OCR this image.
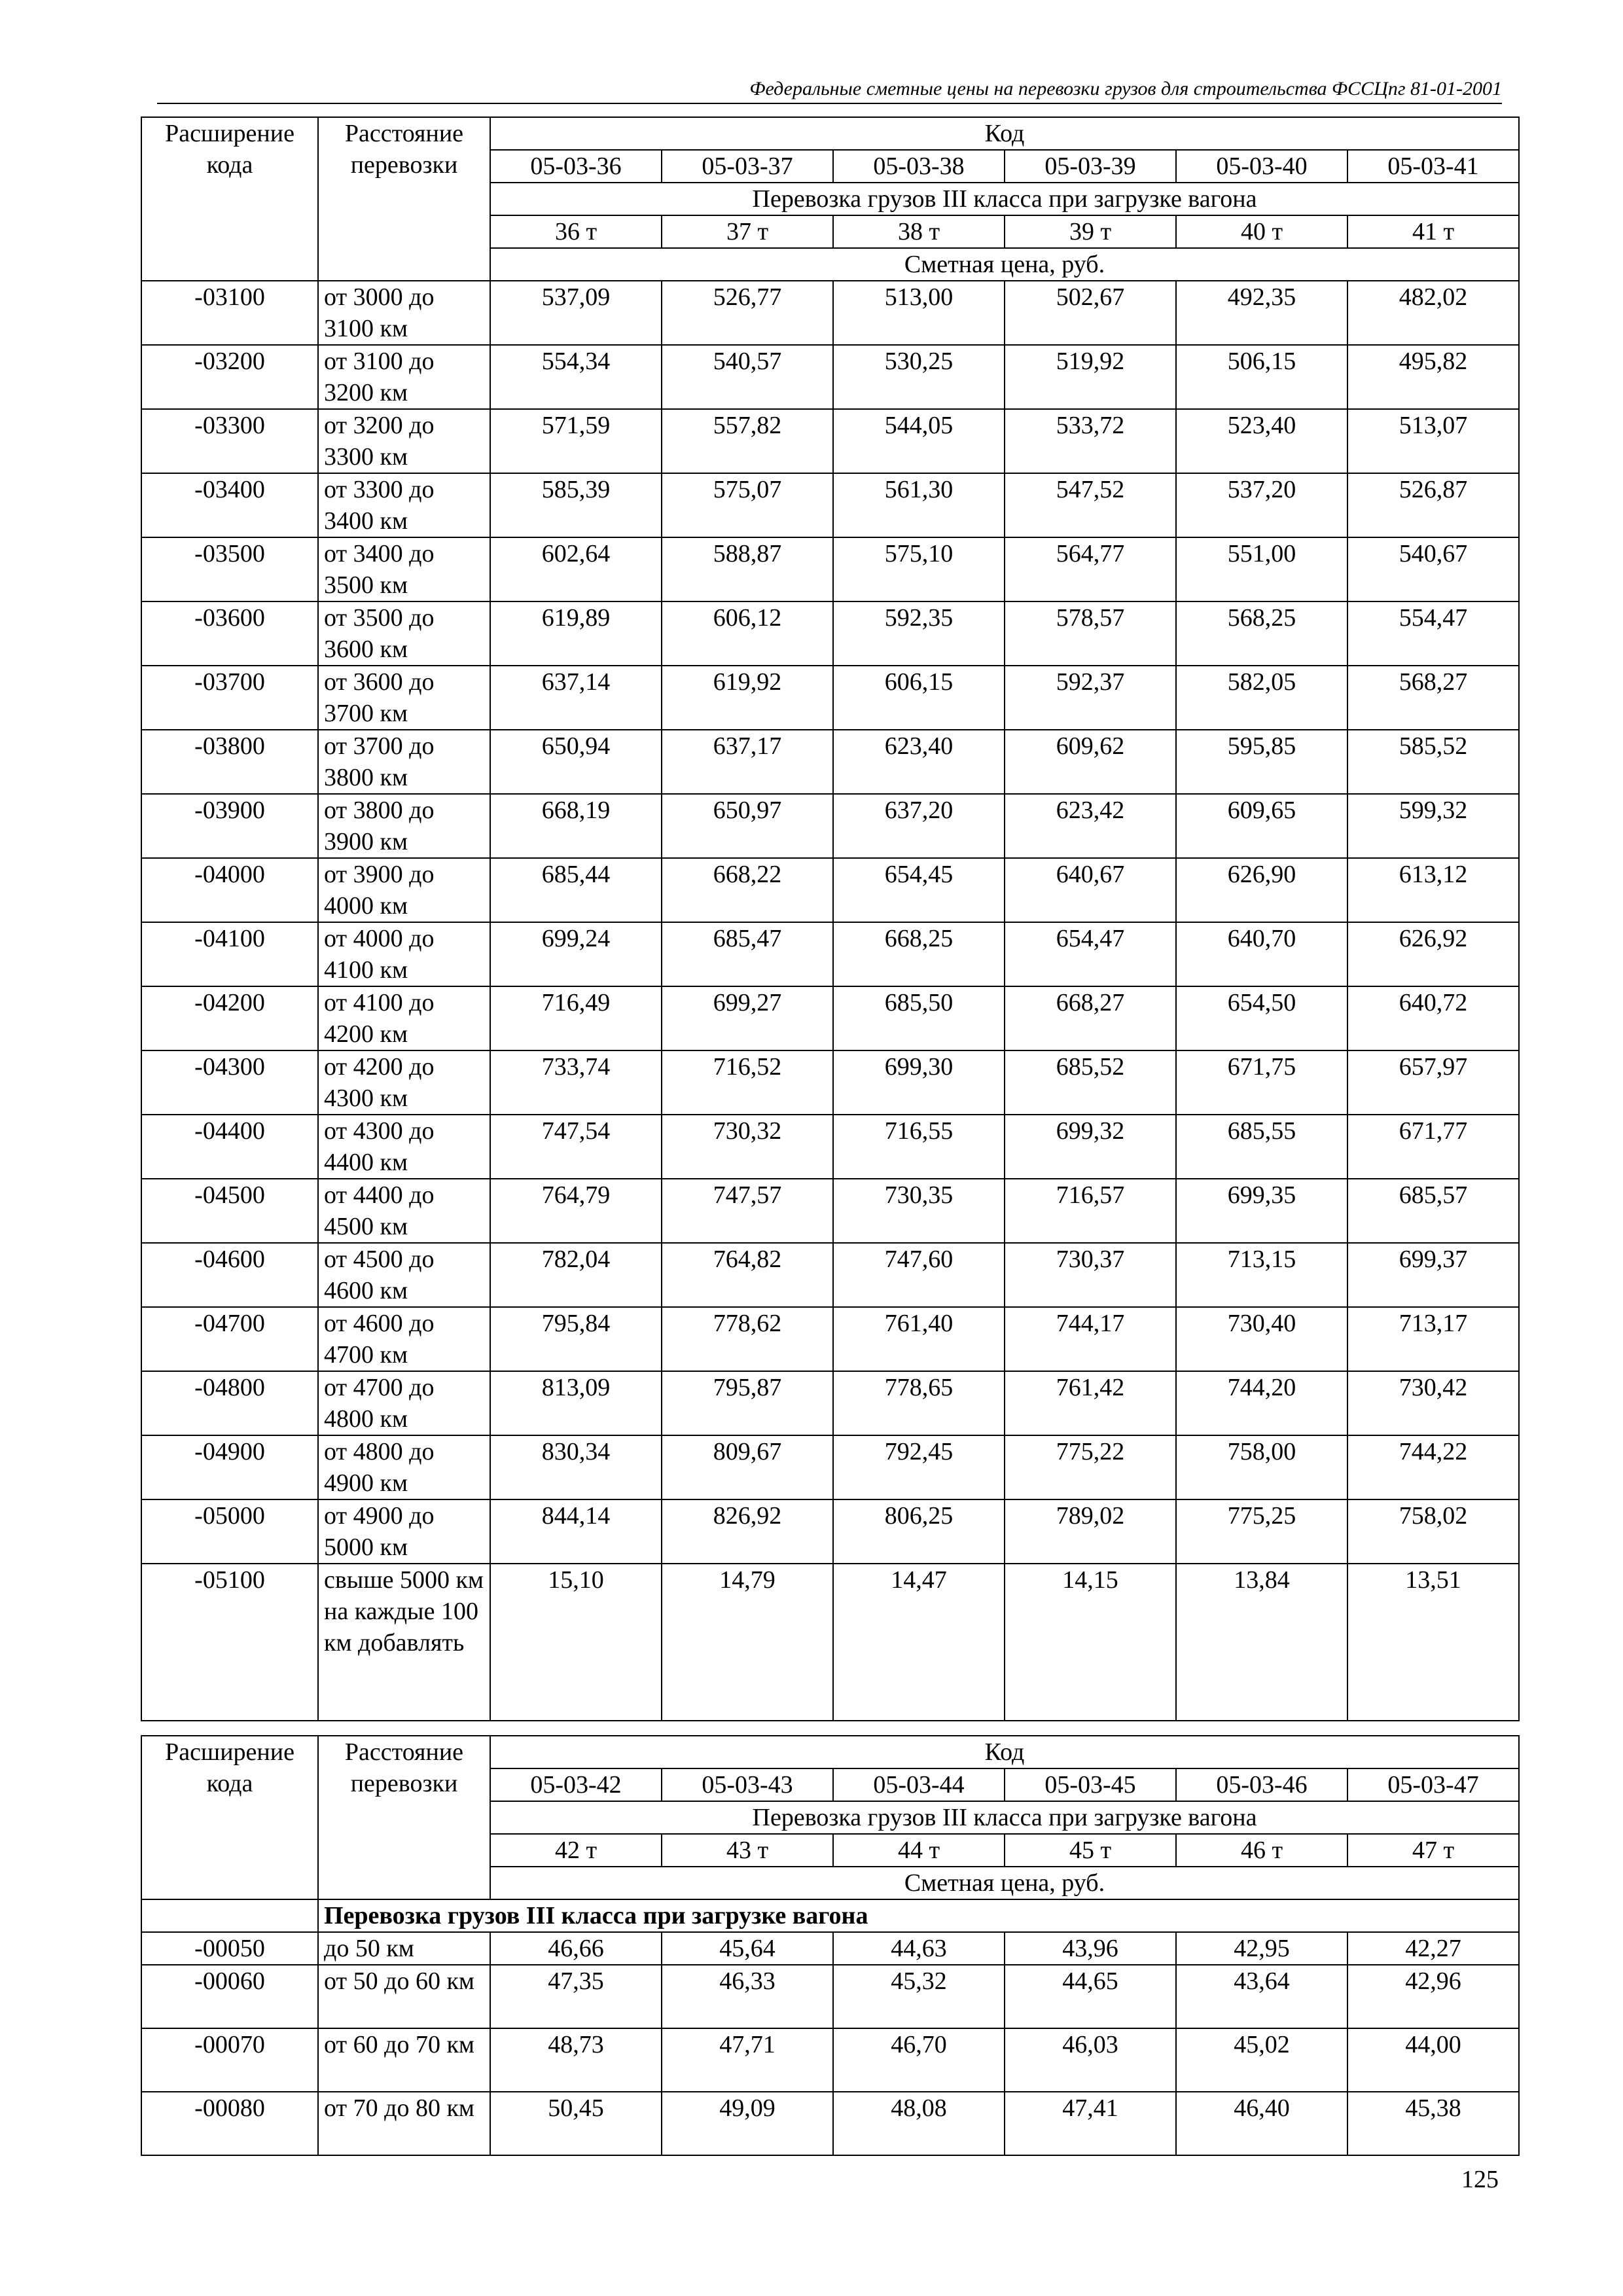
Федеральные сметные цены на перевозки грузов для строительства ФССЦпг 81-01-2001
Расширение кода	Расстояние перевозки	Код					
		05-03-36	05-03-37	05-03-38	05-03-39	05-03-40	05-03-41
		Перевозка грузов III класса при загрузке вагона					
		36 т	37 т	38 т	39 т	40 т	41 т
		Сметная цена, руб.					
-03100	от 3000 до 3100 км	537,09	526,77	513,00	502,67	492,35	482,02
-03200	от 3100 до 3200 км	554,34	540,57	530,25	519,92	506,15	495,82
-03300	от 3200 до 3300 км	571,59	557,82	544,05	533,72	523,40	513,07
-03400	от 3300 до 3400 км	585,39	575,07	561,30	547,52	537,20	526,87
-03500	от 3400 до 3500 км	602,64	588,87	575,10	564,77	551,00	540,67
-03600	от 3500 до 3600 км	619,89	606,12	592,35	578,57	568,25	554,47
-03700	от 3600 до 3700 км	637,14	619,92	606,15	592,37	582,05	568,27
-03800	от 3700 до 3800 км	650,94	637,17	623,40	609,62	595,85	585,52
-03900	от 3800 до 3900 км	668,19	650,97	637,20	623,42	609,65	599,32
-04000	от 3900 до 4000 км	685,44	668,22	654,45	640,67	626,90	613,12
-04100	от 4000 до 4100 км	699,24	685,47	668,25	654,47	640,70	626,92
-04200	от 4100 до 4200 км	716,49	699,27	685,50	668,27	654,50	640,72
-04300	от 4200 до 4300 км	733,74	716,52	699,30	685,52	671,75	657,97
-04400	от 4300 до 4400 км	747,54	730,32	716,55	699,32	685,55	671,77
-04500	от 4400 до 4500 км	764,79	747,57	730,35	716,57	699,35	685,57
-04600	от 4500 до 4600 км	782,04	764,82	747,60	730,37	713,15	699,37
-04700	от 4600 до 4700 км	795,84	778,62	761,40	744,17	730,40	713,17
-04800	от 4700 до 4800 км	813,09	795,87	778,65	761,42	744,20	730,42
-04900	от 4800 до 4900 км	830,34	809,67	792,45	775,22	758,00	744,22
-05000	от 4900 до 5000 км	844,14	826,92	806,25	789,02	775,25	758,02
-05100	свыше 5000 км на каждые 100 км добавлять	15,10	14,79	14,47	14,15	13,84	13,51
Расширение кода	Расстояние перевозки	Код					
		05-03-42	05-03-43	05-03-44	05-03-45	05-03-46	05-03-47
		Перевозка грузов III класса при загрузке вагона					
		42 т	43 т	44 т	45 т	46 т	47 т
		Сметная цена, руб.					
	Перевозка грузов III класса при загрузке вагона						
-00050	до 50 км	46,66	45,64	44,63	43,96	42,95	42,27
-00060	от 50 до 60 км	47,35	46,33	45,32	44,65	43,64	42,96
-00070	от 60 до 70 км	48,73	47,71	46,70	46,03	45,02	44,00
-00080	от 70 до 80 км	50,45	49,09	48,08	47,41	46,40	45,38
125
